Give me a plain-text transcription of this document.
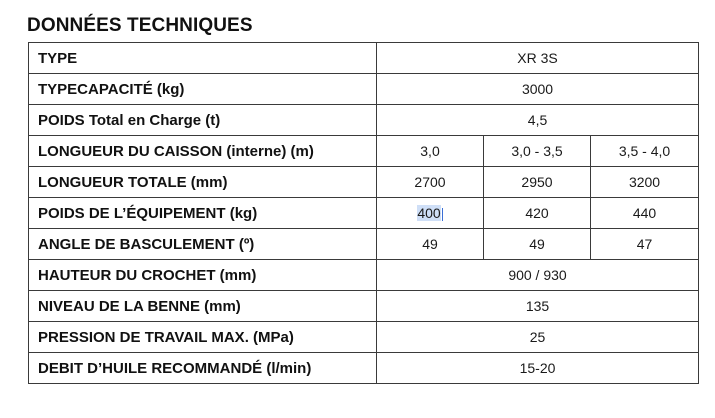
DONNÉES TECHNIQUES
TYPE	XR 3S		
TYPECAPACITÉ (kg)	3000		
POIDS Total en Charge (t)	4,5		
LONGUEUR DU CAISSON (interne) (m)	3,0	3,0 - 3,5	3,5 - 4,0
LONGUEUR TOTALE (mm)	2700	2950	3200
POIDS DE L’ÉQUIPEMENT (kg)	400	420	440
ANGLE DE BASCULEMENT (º)	49	49	47
HAUTEUR DU CROCHET (mm)	900 / 930		
NIVEAU DE LA BENNE (mm)	135		
PRESSION DE TRAVAIL MAX. (MPa)	25		
DEBIT D’HUILE RECOMMANDÉ (l/min)	15-20		
